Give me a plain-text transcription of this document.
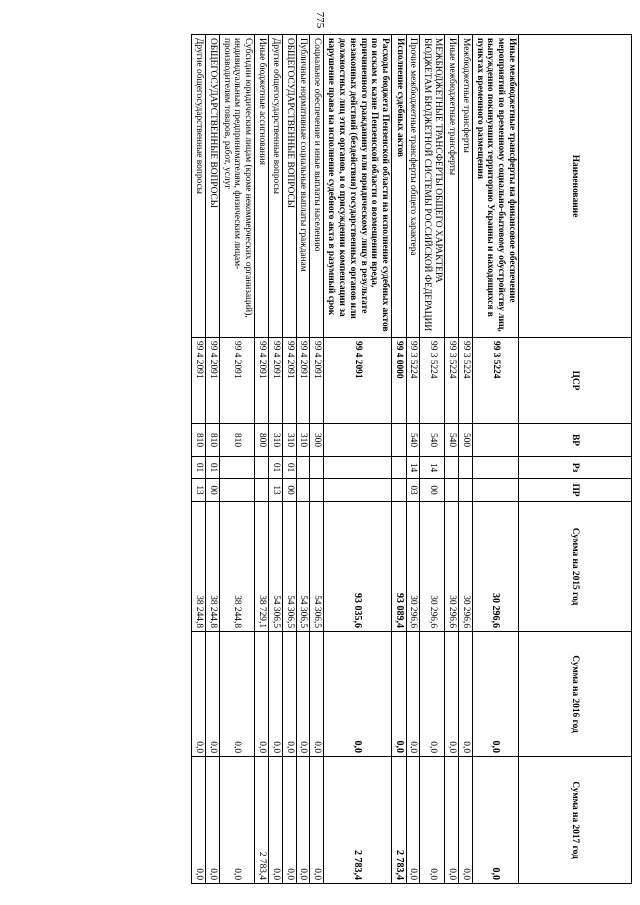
775
Наименование	ЦСР	ВР	Рз	ПР	Сумма на 2015 год	Сумма на 2016 год	Сумма на 2017 год
Иные межбюджетные трансферты на финансовое обеспечение мероприятий по временному социально-бытовому обустройству лиц, вынужденно покинувших территорию Украины и находящихся в пунктах временного размещения	99 3 5224				30 296,6	0,0	0,0
Межбюджетные трансферты	99 3 5224	500			30 296,6	0,0	0,0
Иные межбюджетные трансферты	99 3 5224	540			30 296,6	0,0	0,0
МЕЖБЮДЖЕТНЫЕ ТРАНСФЕРТЫ ОБЩЕГО ХАРАКТЕРА БЮДЖЕТАМ БЮДЖЕТНОЙ СИСТЕМЫ РОССИЙСКОЙ ФЕДЕРАЦИИ	99 3 5224	540	14	00	30 296,6	0,0	0,0
Прочие межбюджетные трансферты общего характера	99 3 5224	540	14	03	30 296,6	0,0	0,0
Исполнение судебных актов	99 4 0000				93 089,4	0,0	2 783,4
Расходы бюджета Пензенской области на исполнение судебных актов по искам к казне Пензенской области о возмещении вреда, причиненного гражданину или юридическому лицу в результате незаконных действий (бездействия) государственных органов или должностных лиц этих органов, и о присуждении компенсации за нарушение права на исполнение судебного акта в разумный срок	99 4 2091				93 035,6	0,0	2 783,4
Социальное обеспечение и иные выплаты населению	99 4 2091	300			54 306,5	0,0	0,0
Публичные нормативные социальные выплаты гражданам	99 4 2091	310			54 306,5	0,0	0,0
ОБЩЕГОСУДАРСТВЕННЫЕ ВОПРОСЫ	99 4 2091	310	01	00	54 306,5	0,0	0,0
Другие общегосударственные вопросы	99 4 2091	310	01	13	54 306,5	0,0	0,0
Иные бюджетные ассигнования	99 4 2091	800			38 729,1	0,0	2 783,4
Субсидии юридическим лицам (кроме некоммерческих организаций), индивидуальным предпринимателям, физическим лицам-производителям товаров, работ, услуг	99 4 2091	810			38 244,8	0,0	0,0
ОБЩЕГОСУДАРСТВЕННЫЕ ВОПРОСЫ	99 4 2091	810	01	00	38 244,8	0,0	0,0
Другие общегосударственные вопросы	99 4 2091	810	01	13	38 244,8	0,0	0,0
